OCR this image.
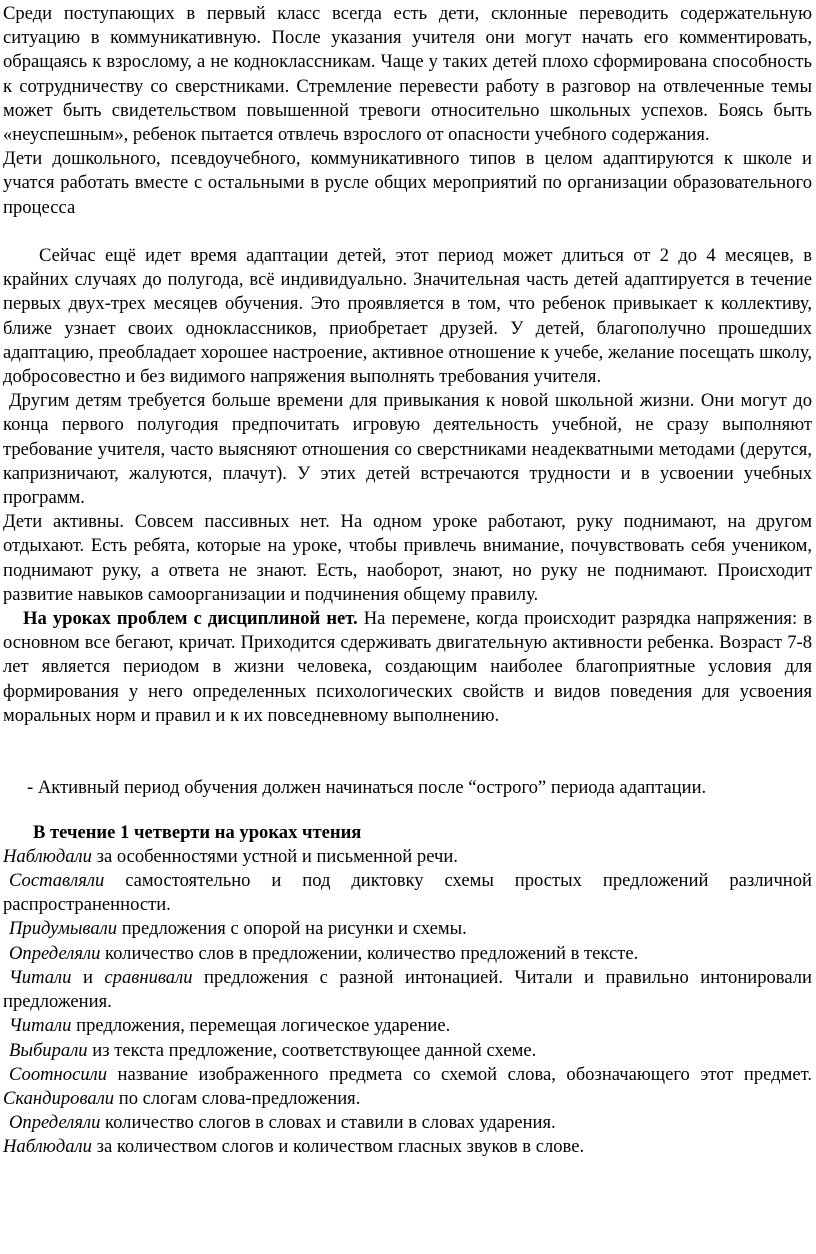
Среди поступающих в первый класс всегда есть дети, склонные переводить содержательную ситуацию в коммуникативную. После указания учителя они могут начать его комментировать, обращаясь к взрослому, а не кодноклассникам. Чаще у таких детей плохо сформирована способность к сотрудничеству со сверстниками. Стремление перевести работу в разговор на отвлеченные темы может быть свидетельством повышенной тревоги относительно школьных успехов. Боясь быть «неуспешным», ребенок пытается отвлечь взрослого от опасности учебного содержания.

Дети дошкольного, псевдоучебного, коммуникативного типов в целом адаптируются к школе и учатся работать вместе с остальными в русле общих мероприятий по организации образовательного процесса

Сейчас ещё идет время адаптации детей, этот период может длиться от 2 до 4 месяцев, в крайних случаях до полугода, всё индивидуально. Значительная часть детей адаптируется в течение первых двух-трех месяцев обучения. Это проявляется в том, что ребенок привыкает к коллективу, ближе узнает своих одноклассников, приобретает друзей. У детей, благополучно прошедших адаптацию, преобладает хорошее настроение, активное отношение к учебе, желание посещать школу, добросовестно и без видимого напряжения выполнять требования учителя.

Другим детям требуется больше времени для привыкания к новой школьной жизни. Они могут до конца первого полугодия предпочитать игровую деятельность учебной, не сразу выполняют требование учителя, часто выясняют отношения со сверстниками неадекватными методами (дерутся, капризничают, жалуются, плачут). У этих детей встречаются трудности и в усвоении учебных программ.

Дети активны. Совсем пассивных нет. На одном уроке работают, руку поднимают, на другом отдыхают. Есть ребята, которые на уроке, чтобы привлечь внимание, почувствовать себя учеником, поднимают руку, а ответа не знают. Есть, наоборот, знают, но руку не поднимают. Происходит развитие навыков самоорганизации и подчинения общему правилу.

На уроках проблем с дисциплиной нет. На перемене, когда происходит разрядка напряжения: в основном все бегают, кричат. Приходится сдерживать двигательную активности ребенка. Возраст 7-8 лет является периодом в жизни человека, создающим наиболее благоприятные условия для формирования у него определенных психологических свойств и видов поведения для усвоения моральных норм и правил и к их повседневному выполнению.

- Активный период обучения должен начинаться после “острого” периода адаптации.

В течение 1 четверти на уроках чтения

Наблюдали за особенностями устной и письменной речи.

Составляли самостоятельно и под диктовку схемы простых предложений различной распространенности.

Придумывали предложения с опорой на рисунки и схемы.

Определяли количество слов в предложении, количество предложений в тексте.

Читали и сравнивали предложения с разной интонацией. Читали и правильно интонировали предложения.

Читали предложения, перемещая логическое ударение.

Выбирали из текста предложение, соответствующее данной схеме.

Соотносили название изображенного предмета со схемой слова, обозначающего этот предмет. Скандировали по слогам слова-предложения.

Определяли количество слогов в словах и ставили в словах ударения.

Наблюдали за количеством слогов и количеством гласных звуков в слове.
